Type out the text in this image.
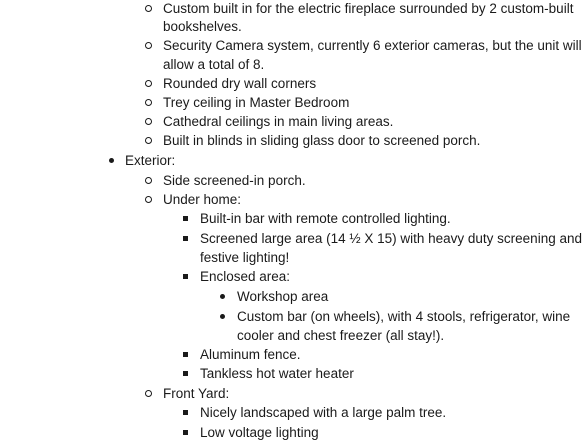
Custom built in for the electric fireplace surrounded by 2 custom-built
bookshelves.
Security Camera system, currently 6 exterior cameras, but the unit will
allow a total of 8.
Rounded dry wall corners
Trey ceiling in Master Bedroom
Cathedral ceilings in main living areas.
Built in blinds in sliding glass door to screened porch.
Exterior:
Side screened-in porch.
Under home:
Built-in bar with remote controlled lighting.
Screened large area (14 ½ X 15) with heavy duty screening and
festive lighting!
Enclosed area:
Workshop area
Custom bar (on wheels), with 4 stools, refrigerator, wine
cooler and chest freezer (all stay!).
Aluminum fence.
Tankless hot water heater
Front Yard:
Nicely landscaped with a large palm tree.
Low voltage lighting
